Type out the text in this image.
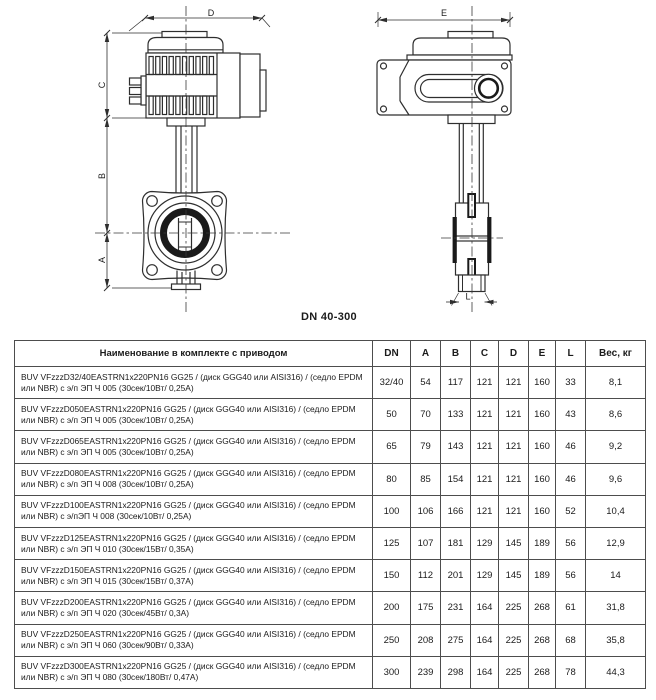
D
C
B
A
E
L
DN 40-300
Наименование в комплекте с приводом	DN	A	B	C	D	E	L	Вес, кг
BUV VFzzzD32/40EASTRN1x220PN16 GG25 / (диск GGG40 или AISI316) / (седло EPDM или NBR) с э/п ЭП Ч 005 (30сек/10Вт/ 0,25А)	32/40	54	117	121	121	160	33	8,1
BUV VFzzzD050EASTRN1x220PN16 GG25 / (диск GGG40 или AISI316) / (седло EPDM или NBR) с э/п ЭП Ч 005 (30сек/10Вт/ 0,25А)	50	70	133	121	121	160	43	8,6
BUV VFzzzD065EASTRN1x220PN16 GG25 / (диск GGG40 или AISI316) / (седло EPDM или NBR) с э/п ЭП Ч 005 (30сек/10Вт/ 0,25А)	65	79	143	121	121	160	46	9,2
BUV VFzzzD080EASTRN1x220PN16 GG25 / (диск GGG40 или AISI316) / (седло EPDM или NBR) с э/п ЭП Ч 008 (30сек/10Вт/ 0,25А)	80	85	154	121	121	160	46	9,6
BUV VFzzzD100EASTRN1x220PN16 GG25 / (диск GGG40 или AISI316) / (седло EPDM или NBR) с э/пЭП Ч 008 (30сек/10Вт/ 0,25А)	100	106	166	121	121	160	52	10,4
BUV VFzzzD125EASTRN1x220PN16 GG25 / (диск GGG40 или AISI316) / (седло EPDM или NBR) с э/п ЭП Ч 010 (30сек/15Вт/ 0,35А)	125	107	181	129	145	189	56	12,9
BUV VFzzzD150EASTRN1x220PN16 GG25 / (диск GGG40 или AISI316) / (седло EPDM или NBR) с э/п ЭП Ч 015 (30сек/15Вт/ 0,37А)	150	112	201	129	145	189	56	14
BUV VFzzzD200EASTRN1x220PN16 GG25 / (диск GGG40 или AISI316) / (седло EPDM или NBR) с э/п ЭП Ч 020 (30сек/45Вт/ 0,3А)	200	175	231	164	225	268	61	31,8
BUV VFzzzD250EASTRN1x220PN16 GG25 / (диск GGG40 или AISI316) / (седло EPDM или NBR) с э/п ЭП Ч 060 (30сек/90Вт/ 0,33А)	250	208	275	164	225	268	68	35,8
BUV VFzzzD300EASTRN1x220PN16 GG25 / (диск GGG40 или AISI316) / (седло EPDM или NBR) с э/п ЭП Ч 080 (30сек/180Вт/ 0,47А)	300	239	298	164	225	268	78	44,3
